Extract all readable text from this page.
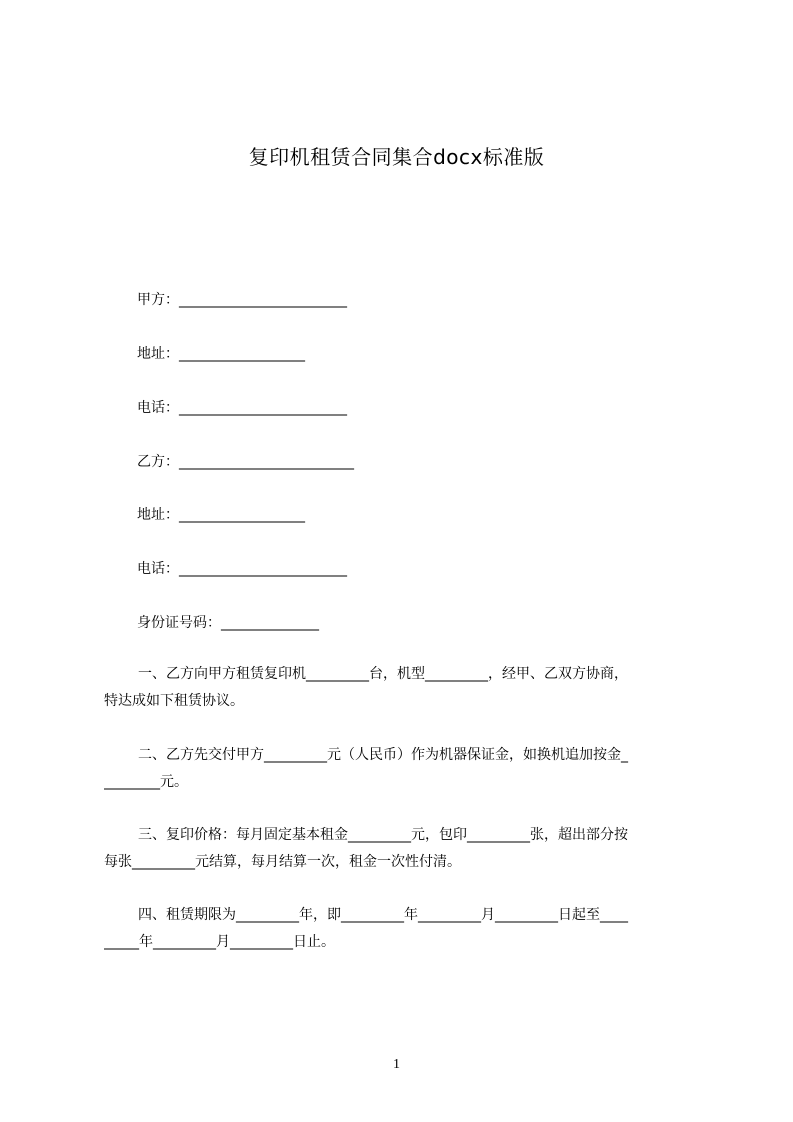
复印机租赁合同集合docx标准版
甲方：________________________
地址：__________________
电话：________________________
乙方：_________________________
地址：__________________
电话：________________________
身份证号码：______________

一、乙方向甲方租赁复印机_________台，机型_________，经甲、乙双方协商，
特达成如下租赁协议。

二、乙方先交付甲方_________元（人民币）作为机器保证金，如换机追加按金_
________元。

三、复印价格：每月固定基本租金_________元，包印_________张，超出部分按
每张_________元结算，每月结算一次，租金一次性付清。

四、租赁期限为_________年，即_________年_________月_________日起至____
_____年_________月_________日止。

1
